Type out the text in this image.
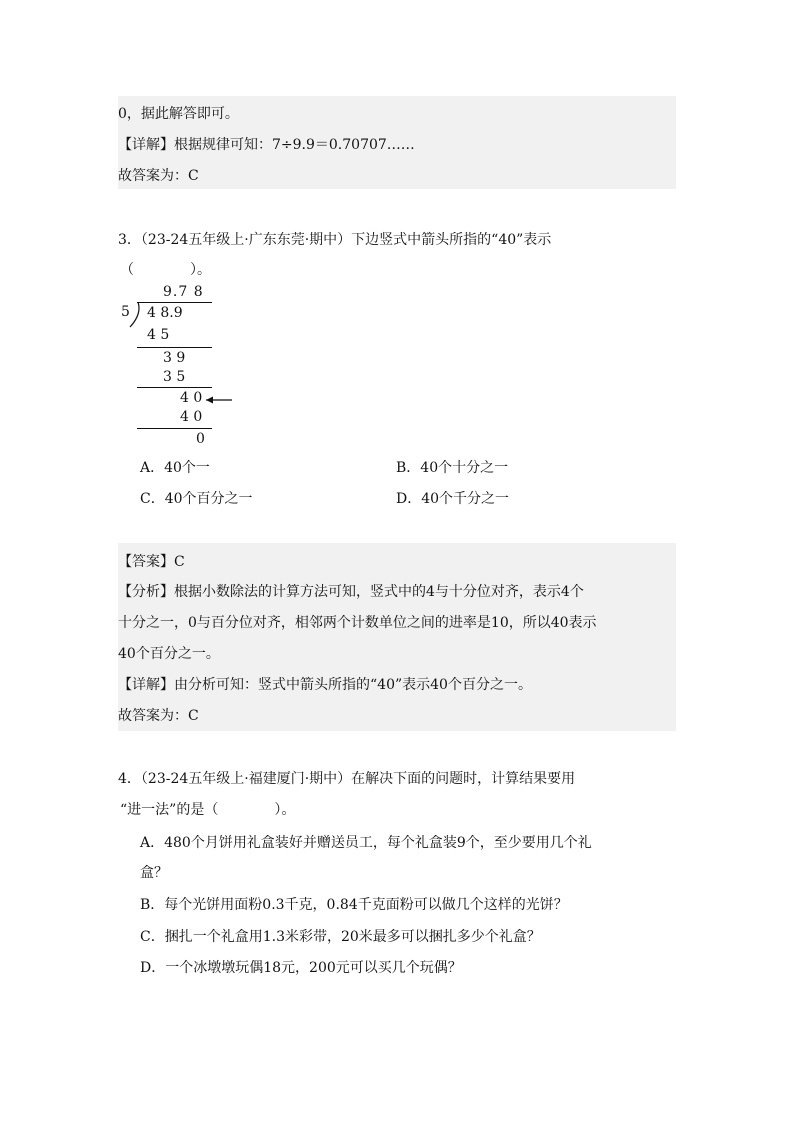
0，据此解答即可。
【详解】根据规律可知：7÷9.9＝0.70707……
故答案为：C
3．（23-24五年级上·广东东莞·期中）下边竖式中箭头所指的“40”表示
（　　　　）。
9.7 8
5 4 8.9
4 5
3 9
3 5
4 0
4 0
0
A．40个一	B．40个十分之一
C．40个百分之一	D．40个千分之一
【答案】C
【分析】根据小数除法的计算方法可知，竖式中的4与十分位对齐，表示4个
十分之一，0与百分位对齐，相邻两个计数单位之间的进率是10，所以40表示
40个百分之一。
【详解】由分析可知：竖式中箭头所指的“40”表示40个百分之一。
故答案为：C
4．（23-24五年级上·福建厦门·期中）在解决下面的问题时，计算结果要用
“进一法”的是（　　　　）。
A．480个月饼用礼盒装好并赠送员工，每个礼盒装9个，至少要用几个礼
盒？
B．每个光饼用面粉0.3千克，0.84千克面粉可以做几个这样的光饼？
C．捆扎一个礼盒用1.3米彩带，20米最多可以捆扎多少个礼盒？
D．一个冰墩墩玩偶18元，200元可以买几个玩偶？
